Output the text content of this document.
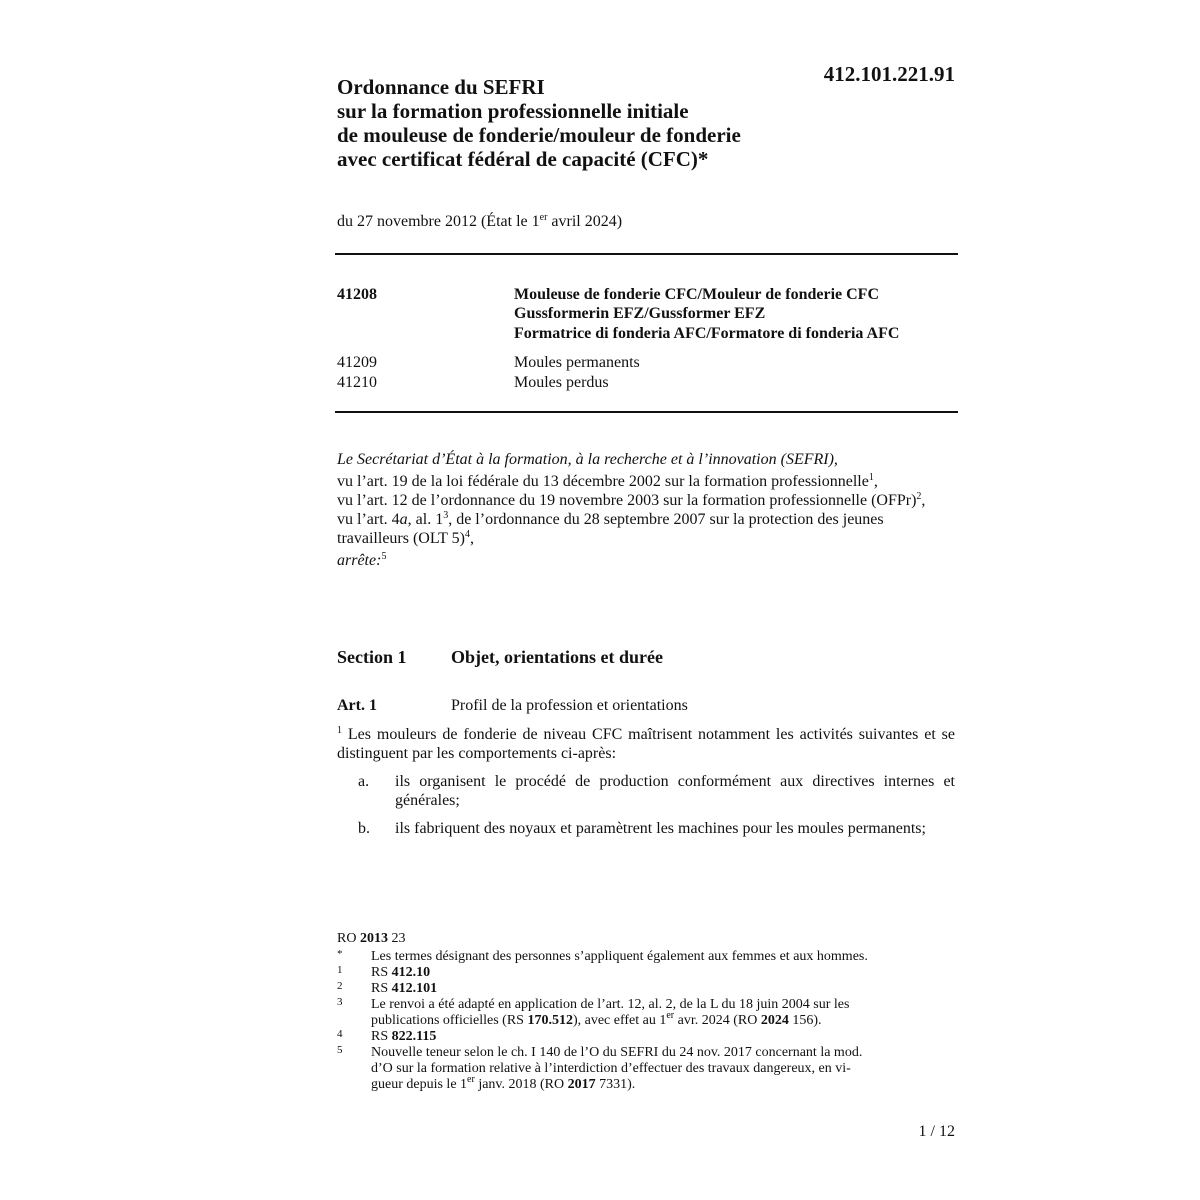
Ordonnance du SEFRI
sur la formation professionnelle initiale
de mouleuse de fonderie/mouleur de fonderie
avec certificat fédéral de capacité (CFC)*
412.101.221.91
du 27 novembre 2012 (État le 1er avril 2024)
41208	Mouleuse de fonderie CFC/Mouleur de fonderie CFC
Gussformerin EFZ/Gussformer EFZ
Formatrice di fonderia AFC/Formatore di fonderia AFC
41209	Moules permanents
41210	Moules perdus

Le Secrétariat d’État à la formation, à la recherche et à l’innovation (SEFRI),

vu l’art. 19 de la loi fédérale du 13 décembre 2002 sur la formation professionnelle$^1$,

vu l’art. 12 de l’ordonnance du 19 novembre 2003 sur la formation professionnelle (OFPr)$^2$,

vu l’art. 4a, al. $1^3$, de l’ordonnance du 28 septembre 2007 sur la protection des jeunes travailleurs (OLT 5)$^4$,

arrête:$^5$

Section 1 Objet, orientations et durée
Art. 1	Profil de la profession et orientations

$^1$ Les mouleurs de fonderie de niveau CFC maîtrisent notamment les activités suivantes et se distinguent par les comportements ci-après:

a. ils organisent le procédé de production conformément aux directives internes et générales;
b. ils fabriquent des noyaux et paramètrent les machines pour les moules permanents;
RO 2013 23
* Les termes désignant des personnes s’appliquent également aux femmes et aux hommes.
1 RS 412.10
2 RS 412.101
3 Le renvoi a été adapté en application de l’art. 12, al. 2, de la L du 18 juin 2004 sur les
publications officielles (RS 170.512), avec effet au 1er avr. 2024 (RO 2024 156).
4 RS 822.115
5 Nouvelle teneur selon le ch. I 140 de l’O du SEFRI du 24 nov. 2017 concernant la mod.
d’O sur la formation relative à l’interdiction d’effectuer des travaux dangereux, en vi-
gueur depuis le 1er janv. 2018 (RO 2017 7331).
1 / 12
